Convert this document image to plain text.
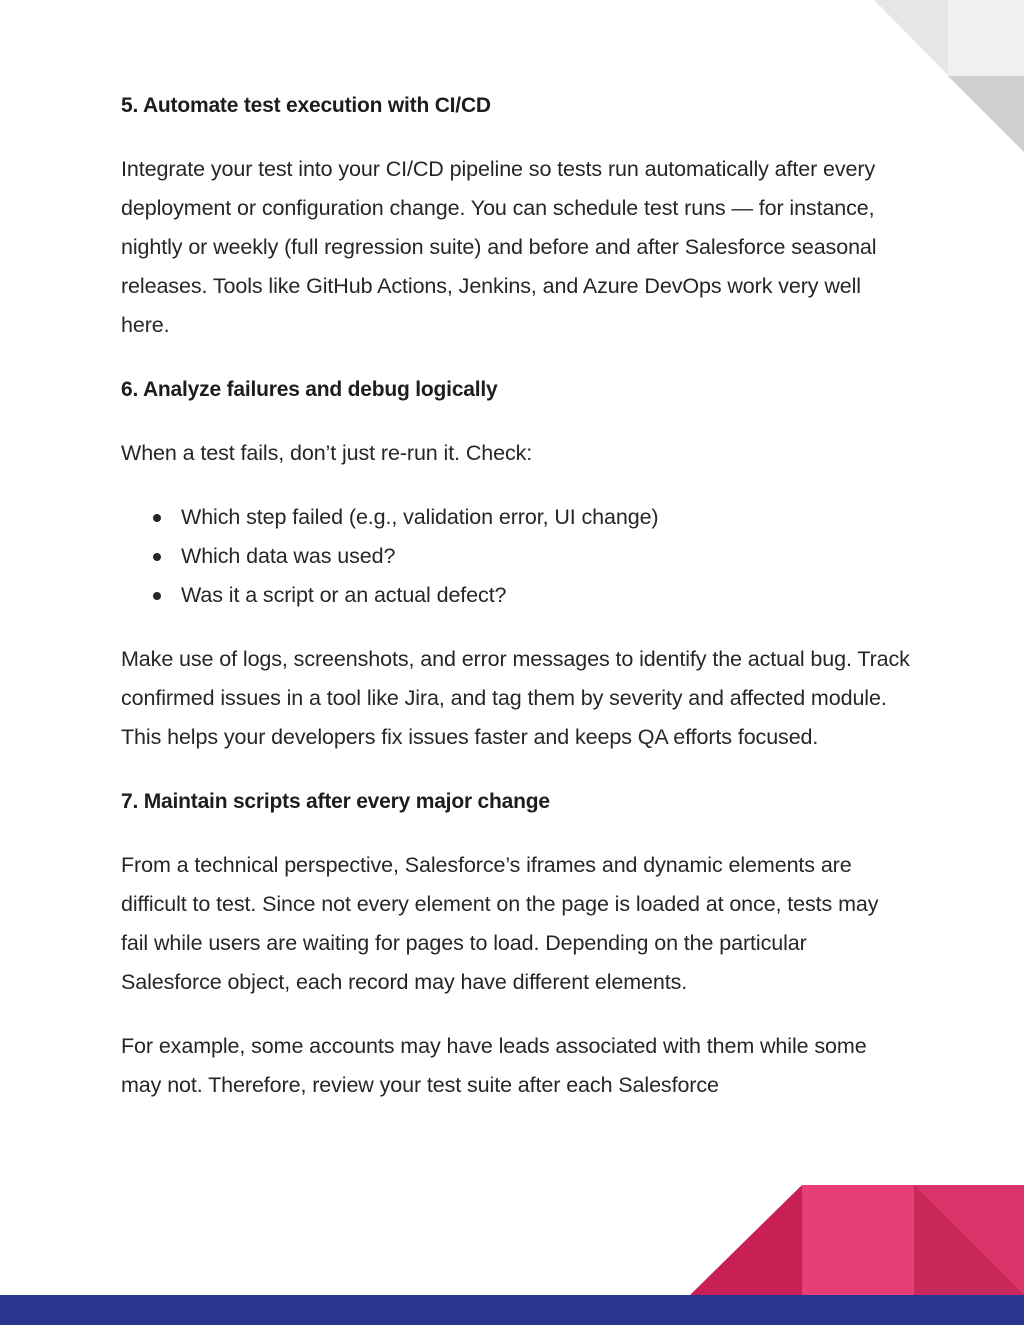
5. Automate test execution with CI/CD
Integrate your test into your CI/CD pipeline so tests run automatically after every deployment or configuration change. You can schedule test runs — for instance, nightly or weekly (full regression suite) and before and after Salesforce seasonal releases. Tools like GitHub Actions, Jenkins, and Azure DevOps work very well here.
6. Analyze failures and debug logically
When a test fails, don’t just re-run it. Check:
Which step failed (e.g., validation error, UI change)
Which data was used?
Was it a script or an actual defect?
Make use of logs, screenshots, and error messages to identify the actual bug. Track confirmed issues in a tool like Jira, and tag them by severity and affected module. This helps your developers fix issues faster and keeps QA efforts focused.
7. Maintain scripts after every major change
From a technical perspective, Salesforce’s iframes and dynamic elements are difficult to test. Since not every element on the page is loaded at once, tests may fail while users are waiting for pages to load. Depending on the particular Salesforce object, each record may have different elements.
For example, some accounts may have leads associated with them while some may not. Therefore, review your test suite after each Salesforce
